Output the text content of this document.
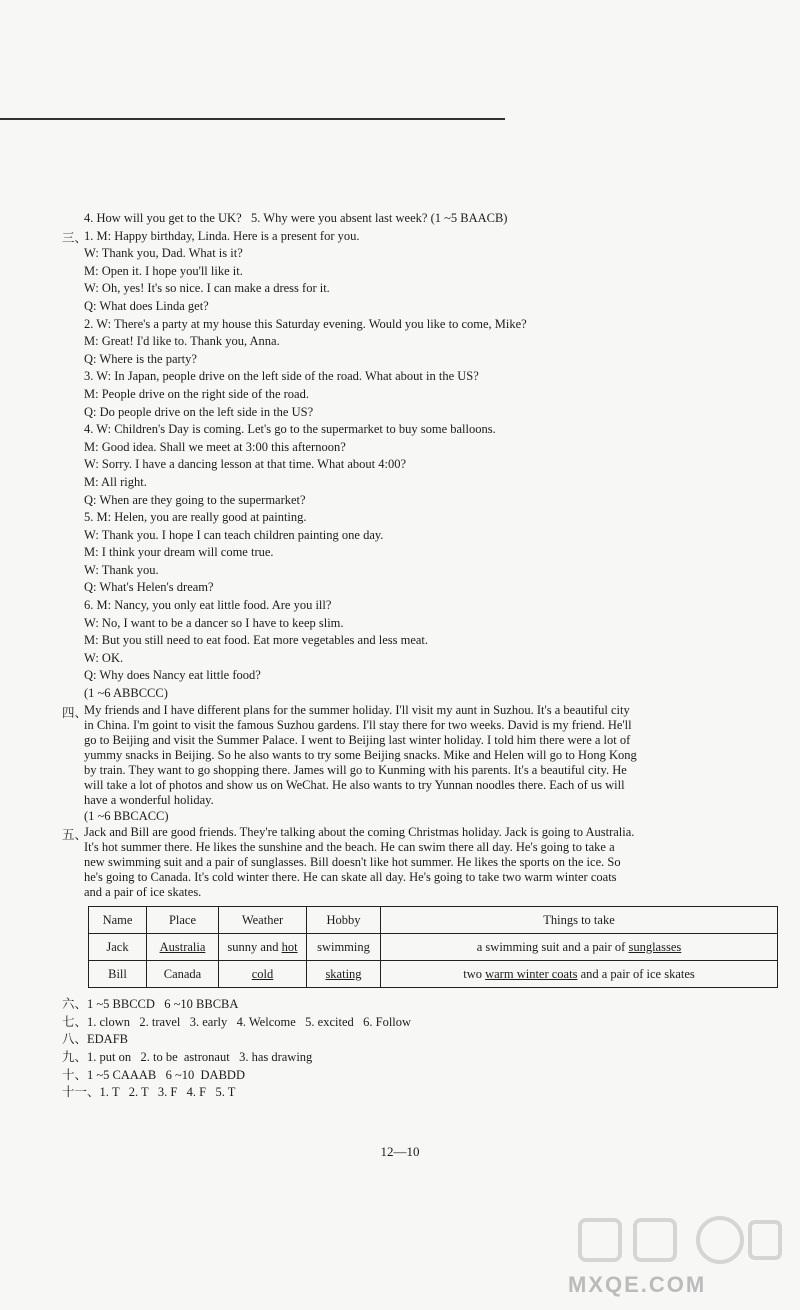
4. How will you get to the UK?   5. Why were you absent last week? (1 ~5 BAACB)
三、
1. M: Happy birthday, Linda. Here is a present for you.
W: Thank you, Dad. What is it?
M: Open it. I hope you'll like it.
W: Oh, yes! It's so nice. I can make a dress for it.
Q: What does Linda get?
2. W: There's a party at my house this Saturday evening. Would you like to come, Mike?
M: Great! I'd like to. Thank you, Anna.
Q: Where is the party?
3. W: In Japan, people drive on the left side of the road. What about in the US?
M: People drive on the right side of the road.
Q: Do people drive on the left side in the US?
4. W: Children's Day is coming. Let's go to the supermarket to buy some balloons.
M: Good idea. Shall we meet at 3:00 this afternoon?
W: Sorry. I have a dancing lesson at that time. What about 4:00?
M: All right.
Q: When are they going to the supermarket?
5. M: Helen, you are really good at painting.
W: Thank you. I hope I can teach children painting one day.
M: I think your dream will come true.
W: Thank you.
Q: What's Helen's dream?
6. M: Nancy, you only eat little food. Are you ill?
W: No, I want to be a dancer so I have to keep slim.
M: But you still need to eat food. Eat more vegetables and less meat.
W: OK.
Q: Why does Nancy eat little food?
(1 ~6 ABBCCC)
四、
My friends and I have different plans for the summer holiday. I'll visit my aunt in Suzhou. It's a beautiful city
in China. I'm goint to visit the famous Suzhou gardens. I'll stay there for two weeks. David is my friend. He'll
go to Beijing and visit the Summer Palace. I went to Beijing last winter holiday. I told him there were a lot of
yummy snacks in Beijing. So he also wants to try some Beijing snacks. Mike and Helen will go to Hong Kong
by train. They want to go shopping there. James will go to Kunming with his parents. It's a beautiful city. He
will take a lot of photos and show us on WeChat. He also wants to try Yunnan noodles there. Each of us will
have a wonderful holiday.
(1 ~6 BBCACC)
五、
Jack and Bill are good friends. They're talking about the coming Christmas holiday. Jack is going to Australia.
It's hot summer there. He likes the sunshine and the beach. He can swim there all day. He's going to take a
new swimming suit and a pair of sunglasses. Bill doesn't like hot summer. He likes the sports on the ice. So
he's going to Canada. It's cold winter there. He can skate all day. He's going to take two warm winter coats
and a pair of ice skates.
Name	Place	Weather	Hobby	Things to take
Jack	Australia	sunny and hot	swimming	a swimming suit and a pair of sunglasses
Bill	Canada	cold	skating	two warm winter coats and a pair of ice skates
六、1 ~5 BBCCD   6 ~10 BBCBA
七、1. clown   2. travel   3. early   4. Welcome   5. excited   6. Follow
八、EDAFB
九、1. put on   2. to be  astronaut   3. has drawing
十、1 ~5 CAAAB   6 ~10  DABDD
十一、1. T   2. T   3. F   4. F   5. T
12—10
MXQE.COM
